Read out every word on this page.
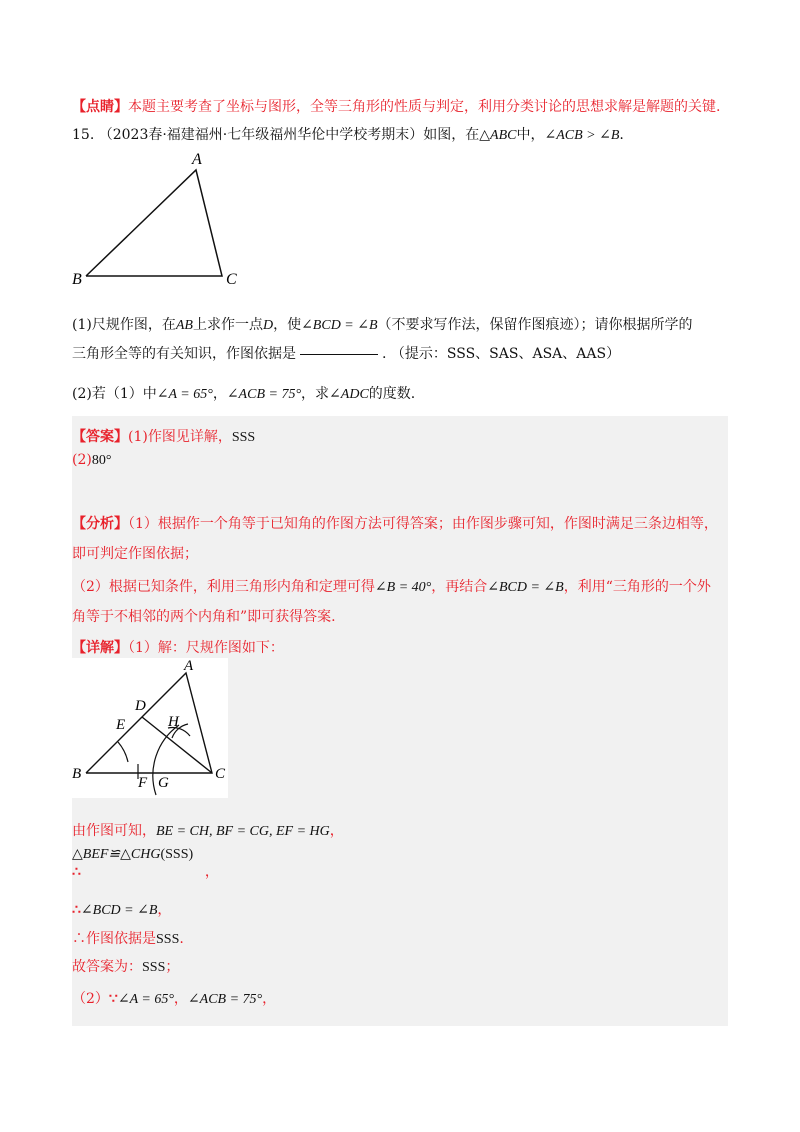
【点睛】本题主要考查了坐标与图形，全等三角形的性质与判定，利用分类讨论的思想求解是解题的关键.
15. （2023春·福建福州·七年级福州华伦中学校考期末）如图，在△ABC中，∠ACB > ∠B.
A
B	C
(1)尺规作图，在AB上求作一点D，使∠BCD = ∠B（不要求写作法，保留作图痕迹）；请你根据所学的
三角形全等的有关知识，作图依据是	. （提示：SSS、SAS、ASA、AAS）
(2)若（1）中∠A = 65°，∠ACB = 75°，求∠ADC的度数.
【答案】(1)作图见详解，SSS
(2)80°
【分析】（1）根据作一个角等于已知角的作图方法可得答案；由作图步骤可知，作图时满足三条边相等，
即可判定作图依据；
（2）根据已知条件，利用三角形内角和定理可得∠B = 40°，再结合∠BCD = ∠B，利用“三角形的一个外
角等于不相邻的两个内角和”即可获得答案.
【详解】（1）解：尺规作图如下：
A
B	C
D
E
F G
H
由作图可知，BE = CH, BF = CG, EF = HG，
△BEF≌△CHG(SSS)
∴	，
∴∠BCD = ∠B，
∴作图依据是SSS.
故答案为：SSS；
（2）∵∠A = 65°，∠ACB = 75°，
